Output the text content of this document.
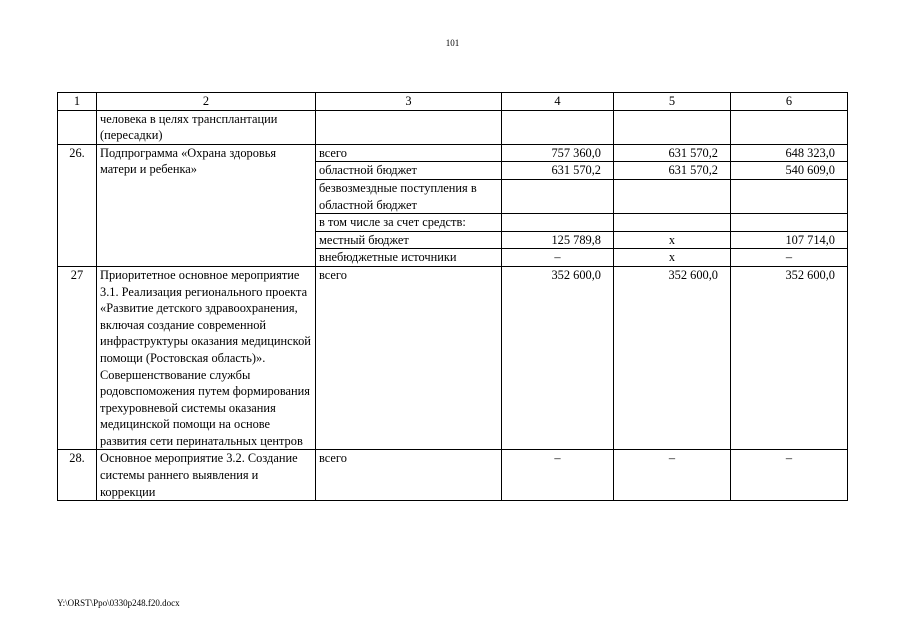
101
1	2	3	4	5	6
	человека в целях трансплантации (пересадки)				
26.	Подпрограмма «Охрана здоровья матери и ребенка»	всего	757 360,0	631 570,2	648 323,0
		областной бюджет	631 570,2	631 570,2	540 609,0
		безвозмездные поступления в областной бюджет			
		в том числе за счет средств:			
		местный бюджет	125 789,8	х	107 714,0
		внебюджетные источники	–	х	–
27	Приоритетное основное мероприятие 3.1. Реализация регионального проекта «Развитие детского здравоохранения, включая создание современной инфраструктуры оказания медицинской помощи (Ростовская область)». Совершенствование службы родовспоможения путем формирования трехуровневой системы оказания медицинской помощи на основе развития сети перинатальных центров	всего	352 600,0	352 600,0	352 600,0
28.	Основное мероприятие 3.2. Создание системы раннего выявления и коррекции	всего	–	–	–
Y:\ORST\Ppo\0330p248.f20.docx
